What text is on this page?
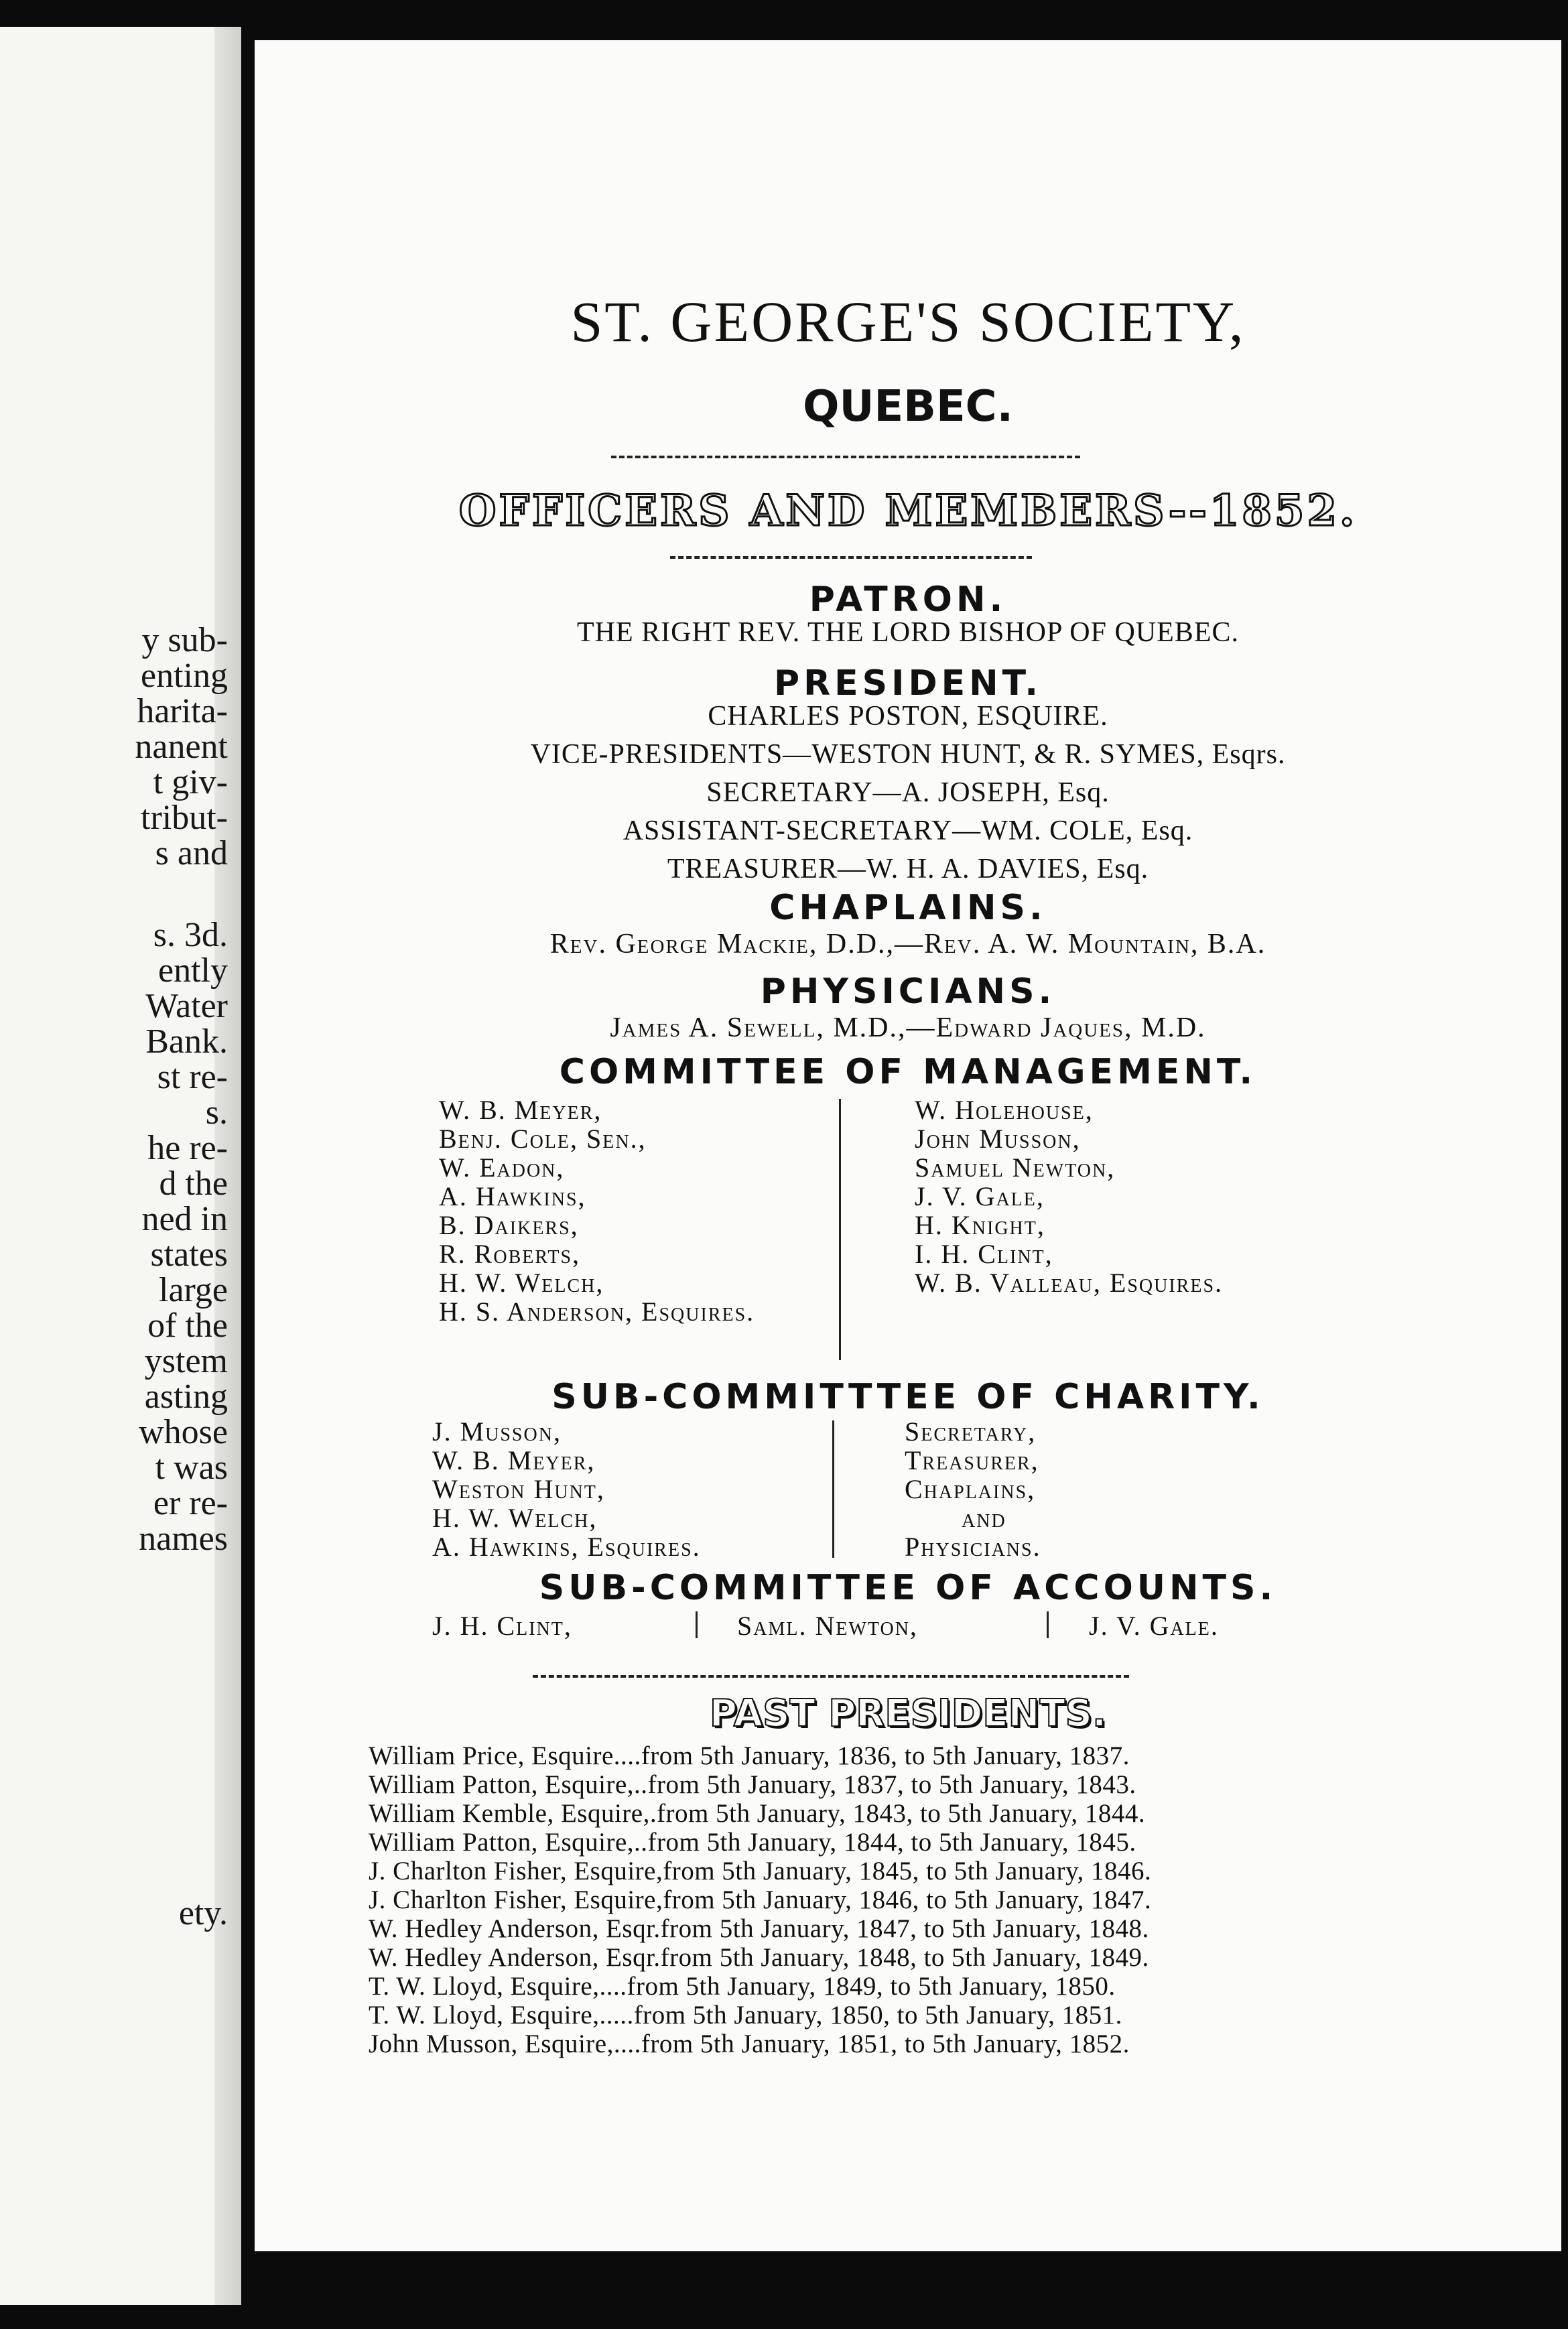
y sub-
enting
harita-
nanent
t giv-
tribut-
s and
s. 3d.
ently
Water
Bank.
st re-
s.
he re-
d the
ned in
states
large
of the
ystem
asting
whose
t was
er re-
names
ety.
ST. GEORGE'S SOCIETY,
QUEBEC.
OFFICERS AND MEMBERS--1852.
PATRON.
THE RIGHT REV. THE LORD BISHOP OF QUEBEC.
PRESIDENT.
CHARLES POSTON, ESQUIRE.
VICE-PRESIDENTS—WESTON HUNT, & R. SYMES, Esqrs.
SECRETARY—A. JOSEPH, Esq.
ASSISTANT-SECRETARY—WM. COLE, Esq.
TREASURER—W. H. A. DAVIES, Esq.
CHAPLAINS.
Rev. George Mackie, D.D.,—Rev. A. W. Mountain, B.A.
PHYSICIANS.
James A. Sewell, M.D.,—Edward Jaques, M.D.
COMMITTEE OF MANAGEMENT.
W. B. Meyer,
Benj. Cole, Sen.,
W. Eadon,
A. Hawkins,
B. Daikers,
R. Roberts,
H. W. Welch,
H. S. Anderson, Esquires.
W. Holehouse,
John Musson,
Samuel Newton,
J. V. Gale,
H. Knight,
I. H. Clint,
W. B. Valleau, Esquires.
SUB-COMMITTTEE OF CHARITY.
J. Musson,
W. B. Meyer,
Weston Hunt,
H. W. Welch,
A. Hawkins, Esquires.
Secretary,
Treasurer,
Chaplains,
and
Physicians.
SUB-COMMITTEE OF ACCOUNTS.
J. H. Clint,	Saml. Newton,	J. V. Gale.
PAST PRESIDENTS.
William Price, Esquire....from 5th January, 1836, to 5th January, 1837.
William Patton, Esquire,..from 5th January, 1837, to 5th January, 1843.
William Kemble, Esquire,.from 5th January, 1843, to 5th January, 1844.
William Patton, Esquire,..from 5th January, 1844, to 5th January, 1845.
J. Charlton Fisher, Esquire,from 5th January, 1845, to 5th January, 1846.
J. Charlton Fisher, Esquire,from 5th January, 1846, to 5th January, 1847.
W. Hedley Anderson, Esqr.from 5th January, 1847, to 5th January, 1848.
W. Hedley Anderson, Esqr.from 5th January, 1848, to 5th January, 1849.
T. W. Lloyd, Esquire,....from 5th January, 1849, to 5th January, 1850.
T. W. Lloyd, Esquire,.....from 5th January, 1850, to 5th January, 1851.
John Musson, Esquire,....from 5th January, 1851, to 5th January, 1852.
